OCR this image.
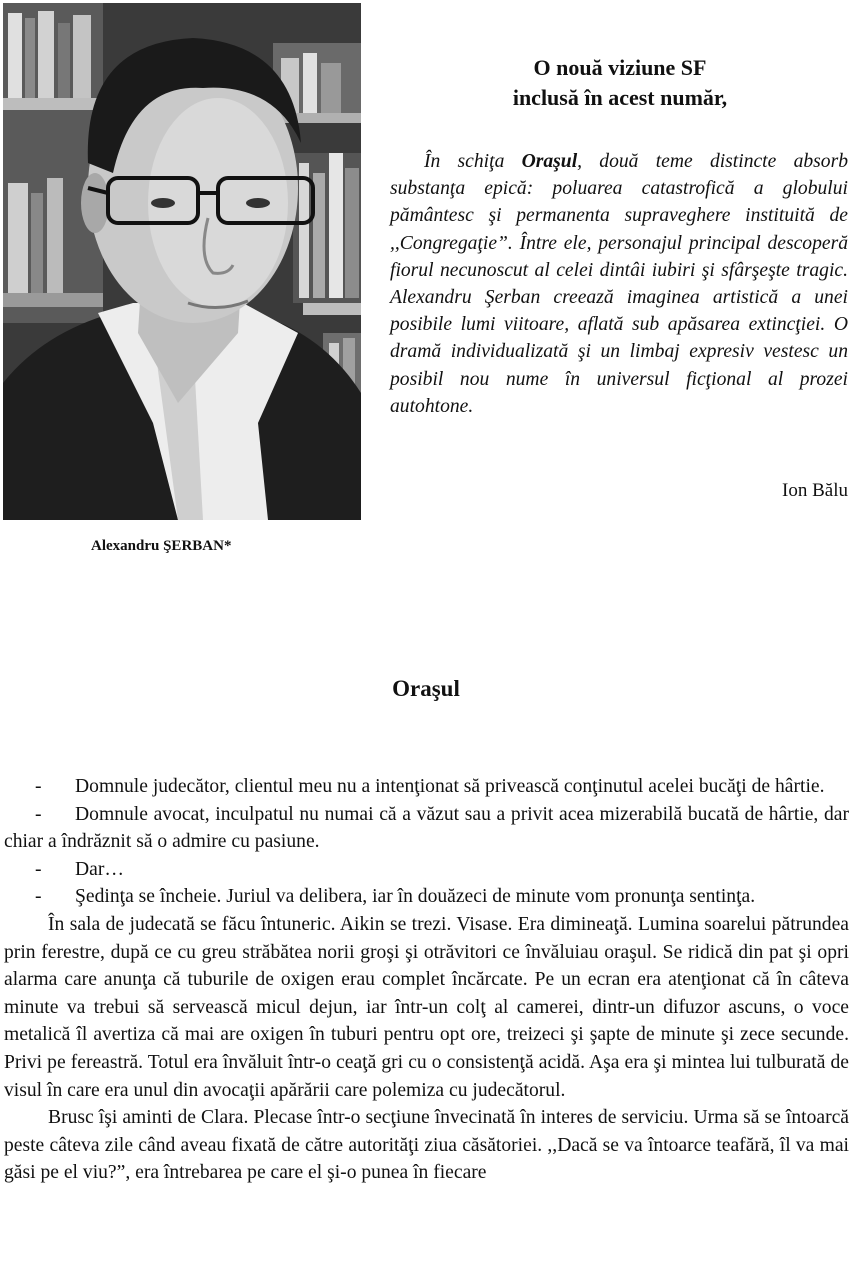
Alexandru ŞERBAN*
O nouă viziune SF
inclusă în acest număr,

În schiţa Oraşul, două teme distincte absorb substanţa epică: poluarea catastrofică a globului pământesc şi permanenta supraveghere instituită de ,,Congregaţie”. Între ele, personajul principal descoperă fiorul necunoscut al celei dintâi iubiri şi sfârşeşte tragic. Alexandru Şerban creează imaginea artistică a unei posibile lumi viitoare, aflată sub apăsarea extincţiei. O dramă individualizată şi un limbaj expresiv vestesc un posibil nou nume în universul ficţional al prozei autohtone.

Ion Bălu
Oraşul

- Domnule judecător, clientul meu nu a intenţionat să privească conţinutul acelei bucăţi de hârtie.

- Domnule avocat, inculpatul nu numai că a văzut sau a privit acea mizerabilă bucată de hârtie, dar chiar a îndrăznit să o admire cu pasiune.

- Dar…

- Şedinţa se încheie. Juriul va delibera, iar în douăzeci de minute vom pronunţa sentinţa.

În sala de judecată se făcu întuneric. Aikin se trezi. Visase. Era dimineaţă. Lumina soarelui pătrundea prin ferestre, după ce cu greu străbătea norii groşi şi otrăvitori ce învăluiau oraşul. Se ridică din pat şi opri alarma care anunţa că tuburile de oxigen erau complet încărcate. Pe un ecran era atenţionat că în câteva minute va trebui să servească micul dejun, iar într-un colţ al camerei, dintr-un difuzor ascuns, o voce metalică îl avertiza că mai are oxigen în tuburi pentru opt ore, treizeci şi şapte de minute şi zece secunde. Privi pe fereastră. Totul era învăluit într-o ceaţă gri cu o consistenţă acidă. Aşa era şi mintea lui tulburată de visul în care era unul din avocaţii apărării care polemiza cu judecătorul.

Brusc îşi aminti de Clara. Plecase într-o secţiune învecinată în interes de serviciu. Urma să se întoarcă peste câteva zile când aveau fixată de către autorităţi ziua căsătoriei. ,,Dacă se va întoarce teafără, îl va mai găsi pe el viu?”, era întrebarea pe care el şi-o punea în fiecare
